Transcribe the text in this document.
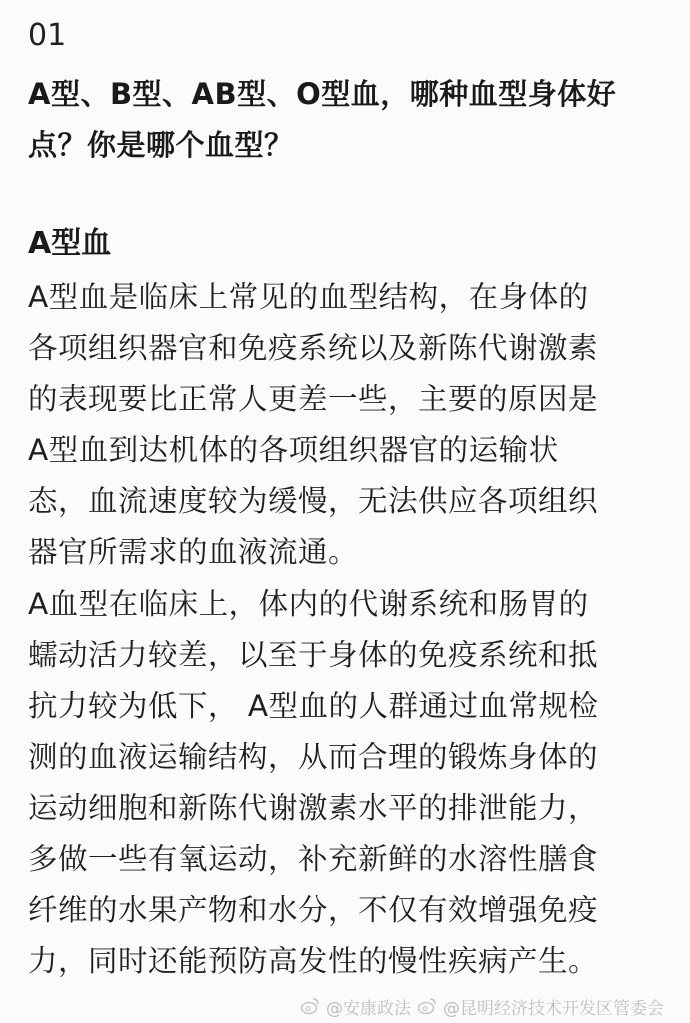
01
A型、B型、AB型、O型血，哪种血型身体好
点？你是哪个血型？
A型血
A型血是临床上常见的血型结构，在身体的
各项组织器官和免疫系统以及新陈代谢激素
的表现要比正常人更差一些，主要的原因是
A型血到达机体的各项组织器官的运输状
态，血流速度较为缓慢，无法供应各项组织
器官所需求的血液流通。
A血型在临床上，体内的代谢系统和肠胃的
蠕动活力较差，以至于身体的免疫系统和抵
抗力较为低下， A型血的人群通过血常规检
测的血液运输结构，从而合理的锻炼身体的
运动细胞和新陈代谢激素水平的排泄能力，
多做一些有氧运动，补充新鲜的水溶性膳食
纤维的水果产物和水分，不仅有效增强免疫
力，同时还能预防高发性的慢性疾病产生。
@安康政法 @昆明经济技术开发区管委会
